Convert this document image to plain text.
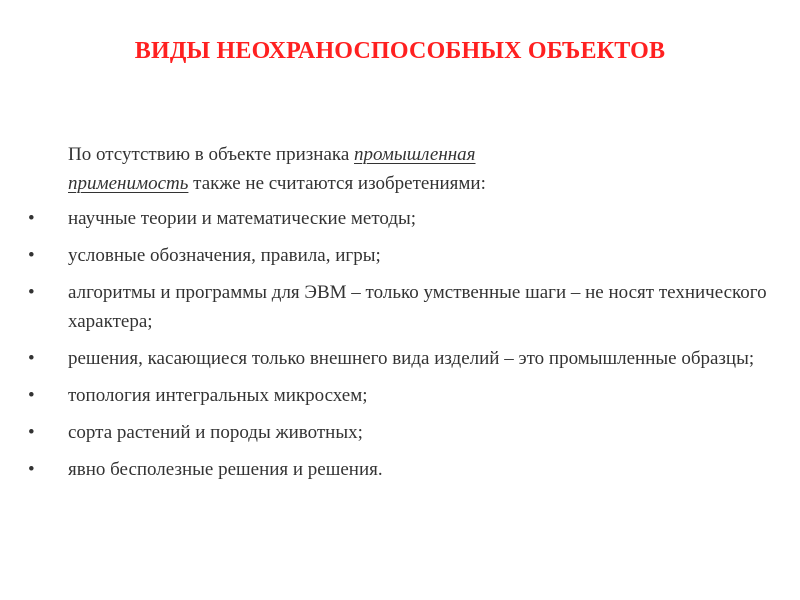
ВИДЫ НЕОХРАНОСПОСОБНЫХ ОБЪЕКТОВ
По отсутствию в объекте признака промышленная
применимость также не считаются изобретениями:
•	научные теории и математические методы;
•	условные обозначения, правила, игры;
•	алгоритмы и программы для ЭВМ – только умственные шаги – не носят технического характера;
•	решения, касающиеся только внешнего вида изделий – это промышленные образцы;
•	топология интегральных микросхем;
•	сорта растений и породы животных;
•	явно бесполезные решения и решения.
